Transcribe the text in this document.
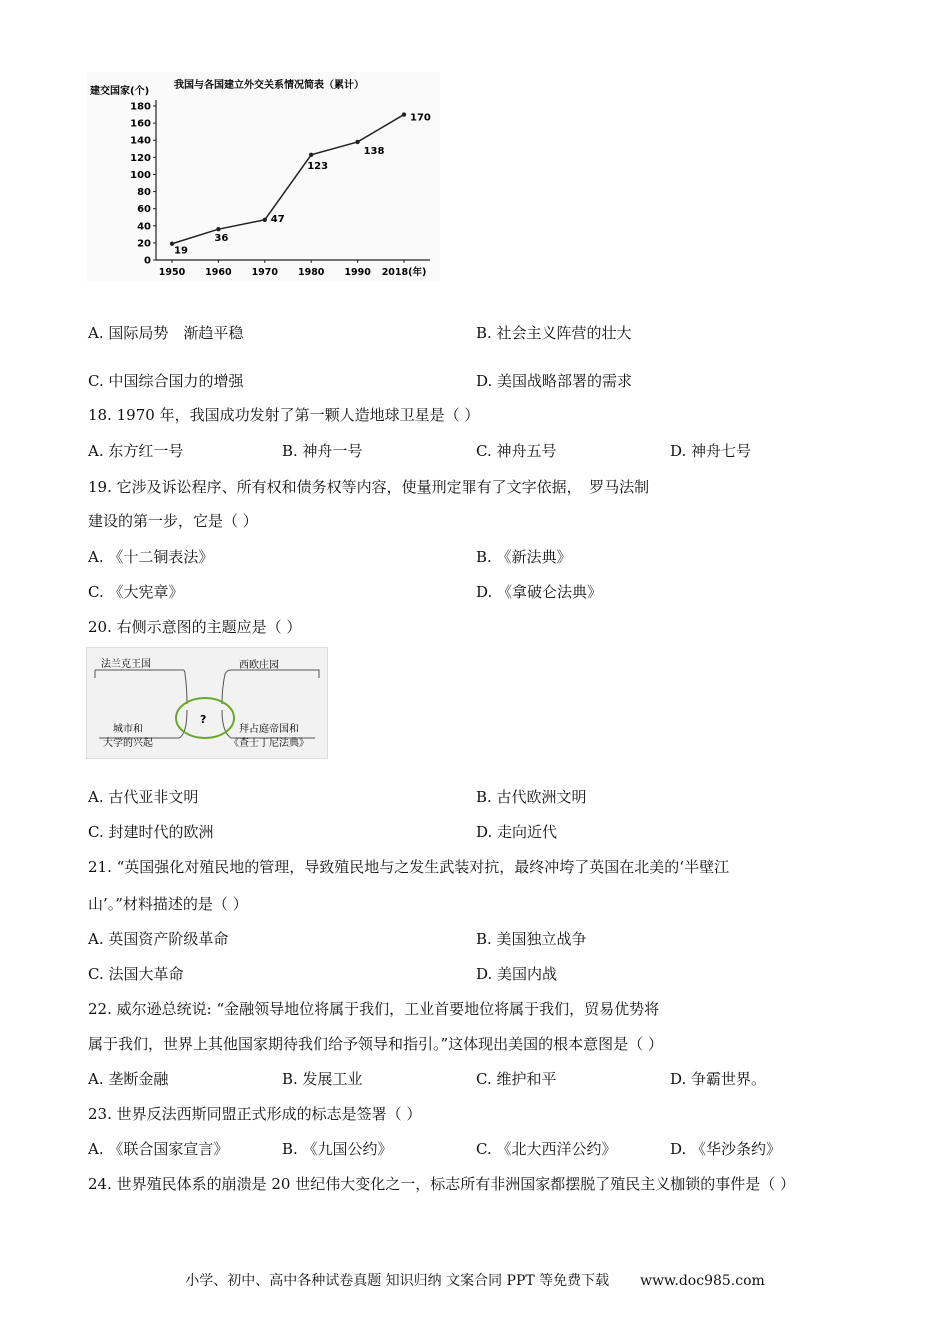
建交国家(个)
我国与各国建立外交关系情况简表（累计）
0
20
40
60
80
100
120
140
160
180
1950 1960 1970 1980 1990 2018(年)
19
36
47
123
138
170
A. 国际局势　渐趋平稳	B. 社会主义阵营的壮大
C. 中国综合国力的增强	D. 美国战略部署的需求
18. 1970 年，我国成功发射了第一颗人造地球卫星是（ ）
A. 东方红一号	B. 神舟一号	C. 神舟五号	D. 神舟七号
19. 它涉及诉讼程序、所有权和债务权等内容，使量刑定罪有了文字依据，　罗马法制
建设的第一步，它是（ ）
A. 《十二铜表法》	B. 《新法典》
C. 《大宪章》	D. 《拿破仑法典》
20. 右侧示意图的主题应是（ ）
法兰克王国	西欧庄园
?
城市和
大学的兴起
拜占庭帝国和
《查士丁尼法典》
A. 古代亚非文明	B. 古代欧洲文明
C. 封建时代的欧洲	D. 走向近代
21. “英国强化对殖民地的管理，导致殖民地与之发生武装对抗，最终冲垮了英国在北美的‘半壁江
山’。”材料描述的是（ ）
A. 英国资产阶级革命	B. 美国独立战争
C. 法国大革命	D. 美国内战
22. 威尔逊总统说: “金融领导地位将属于我们，工业首要地位将属于我们，贸易优势将
属于我们，世界上其他国家期待我们给予领导和指引。”这体现出美国的根本意图是（ ）
A. 垄断金融	B. 发展工业	C. 维护和平	D. 争霸世界。
23. 世界反法西斯同盟正式形成的标志是签署（ ）
A. 《联合国家宣言》	B. 《九国公约》	C. 《北大西洋公约》	D. 《华沙条约》
24. 世界殖民体系的崩溃是 20 世纪伟大变化之一，标志所有非洲国家都摆脱了殖民主义枷锁的事件是（ ）
小学、初中、高中各种试卷真题 知识归纳 文案合同 PPT 等免费下载 www.doc985.com
